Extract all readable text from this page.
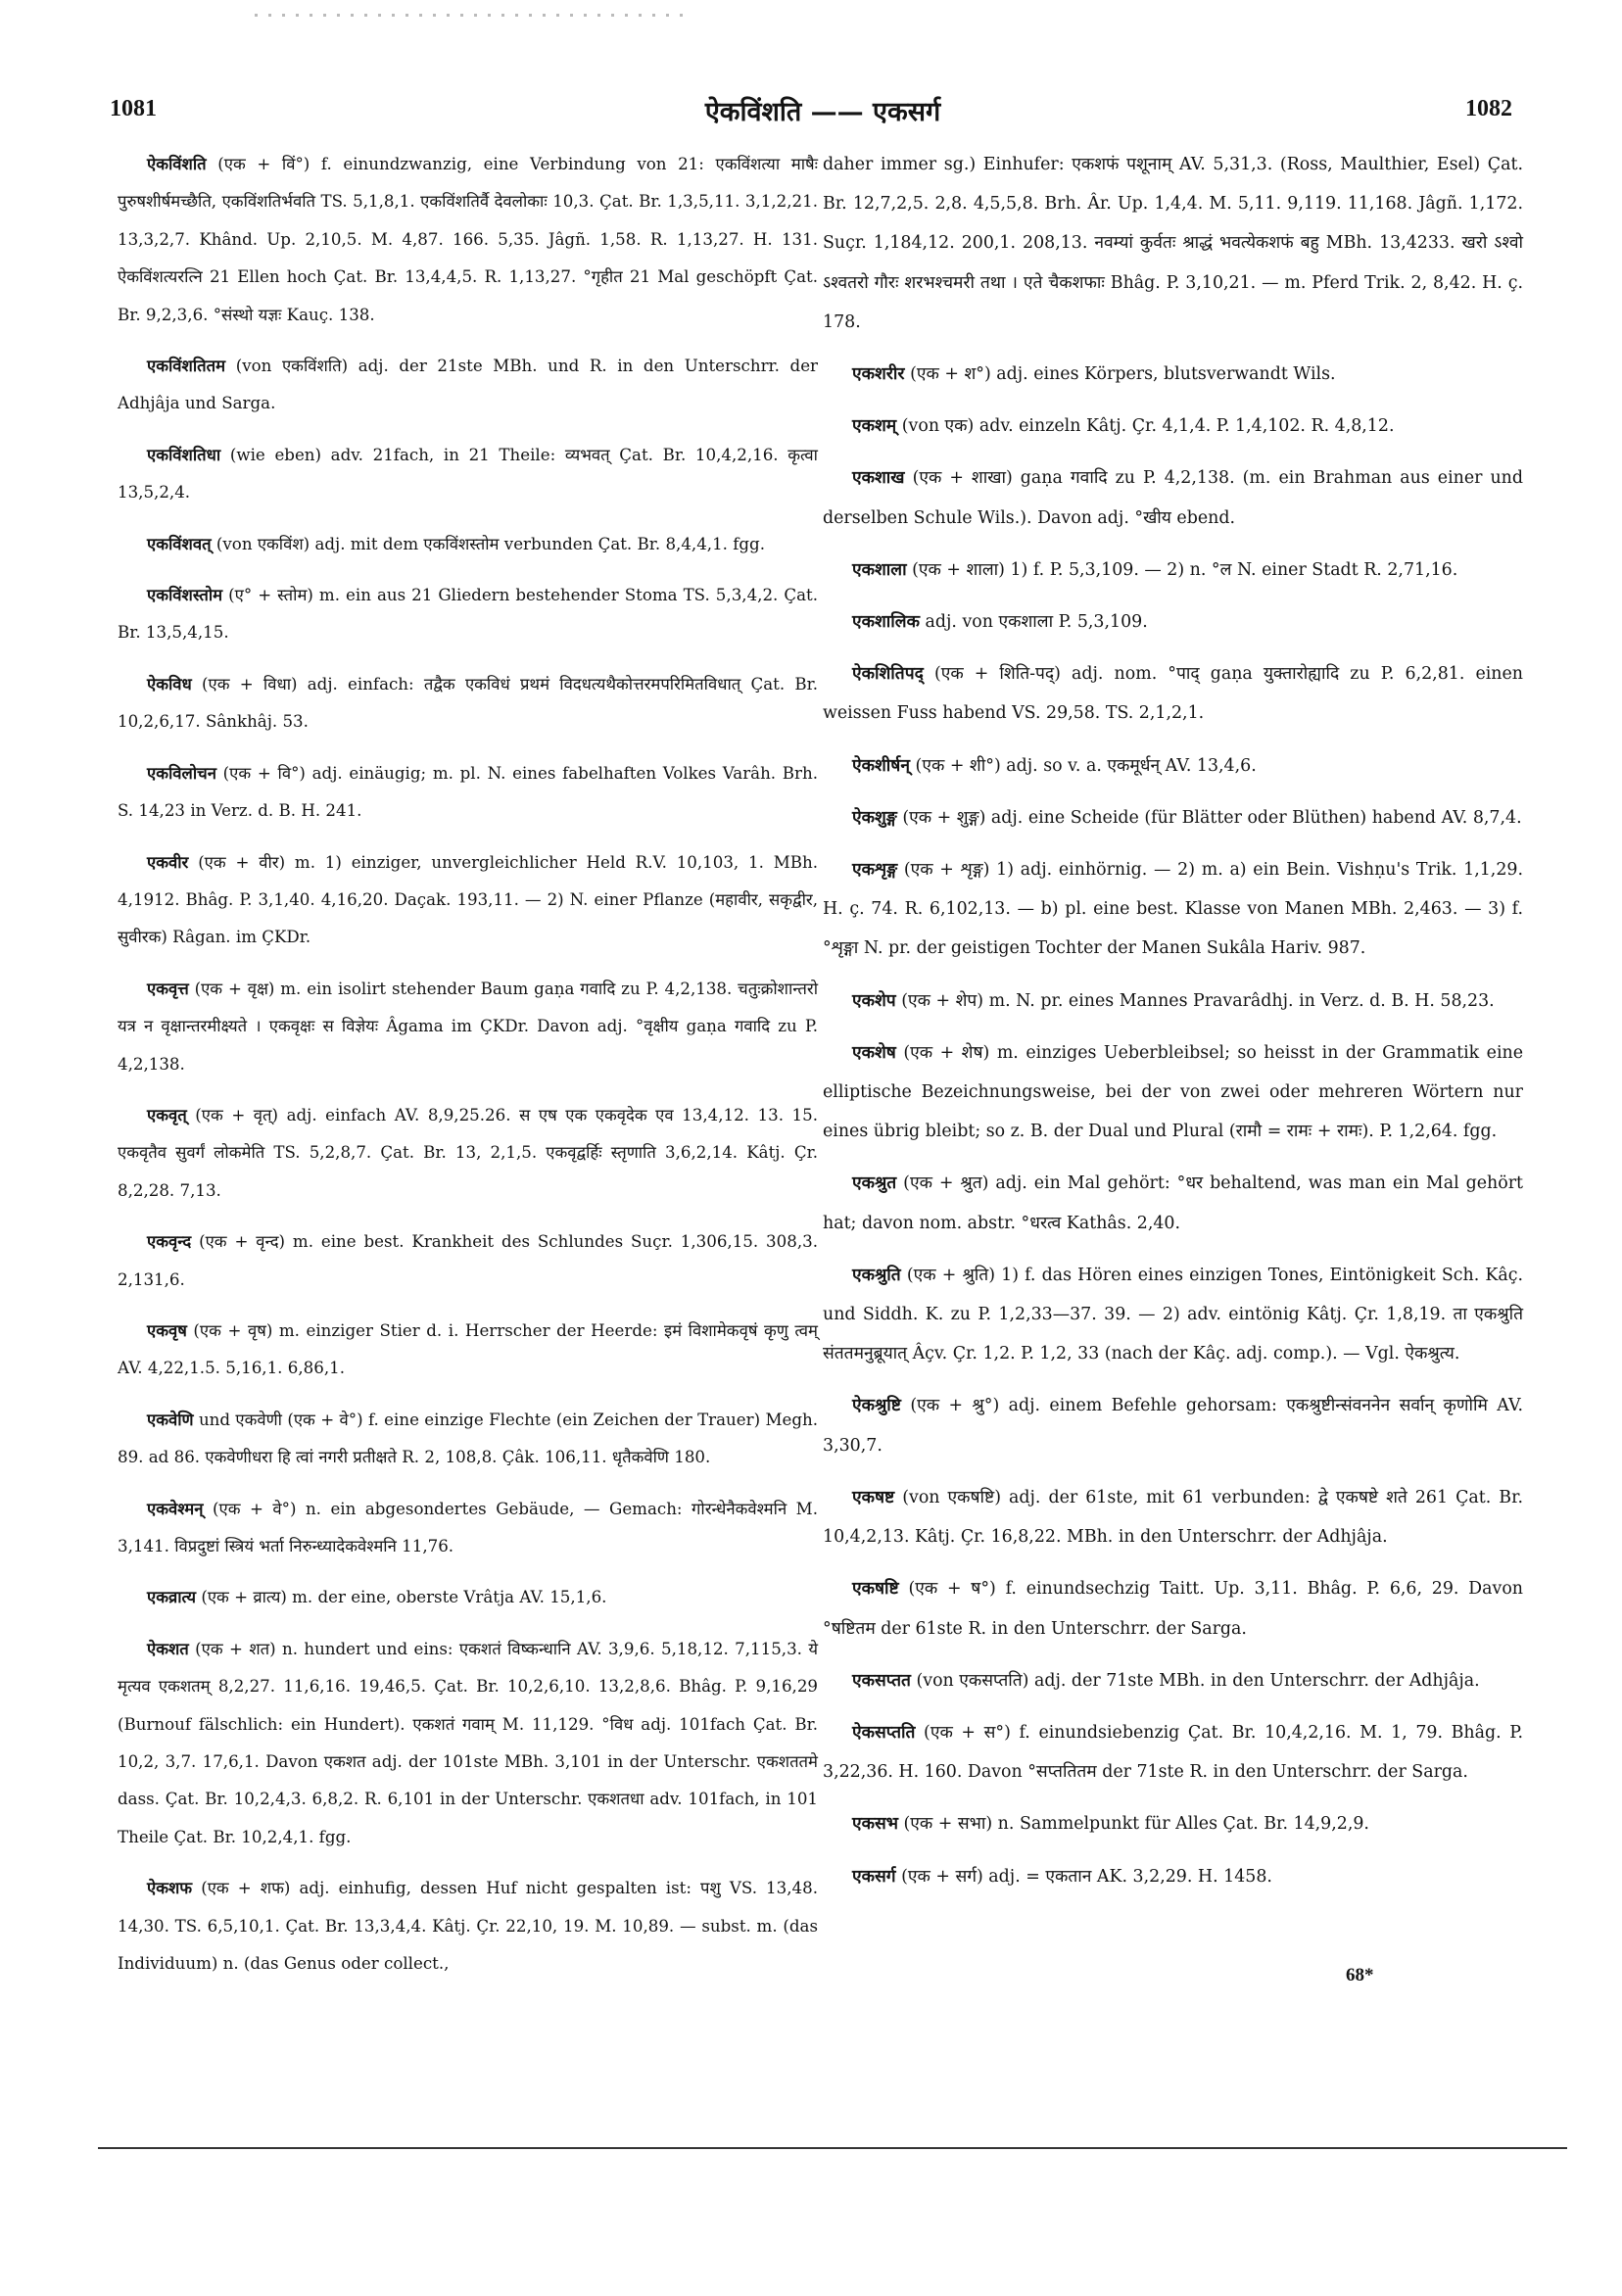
1081	ऐकविंशति —— एकसर्ग	1082

ऐकविंशति (एक + विं°) f. einundzwanzig, eine Verbindung von 21: एकविंशत्या माषैः पुरुषशीर्षमच्छैति, एकविंशतिर्भवति TS. 5,1,8,1. एकविंशतिर्वै देवलोकाः 10,3. Çat. Br. 1,3,5,11. 3,1,2,21. 13,3,2,7. Khând. Up. 2,10,5. M. 4,87. 166. 5,35. Jâgñ. 1,58. R. 1,13,27. H. 131. ऐकविंशत्यरत्नि 21 Ellen hoch Çat. Br. 13,4,4,5. R. 1,13,27. °गृहीत 21 Mal geschöpft Çat. Br. 9,2,3,6. °संस्थो यज्ञः Kauç. 138.

एकविंशतितम (von एकविंशति) adj. der 21ste MBh. und R. in den Unterschrr. der Adhjâja und Sarga.

एकविंशतिधा (wie eben) adv. 21fach, in 21 Theile: व्यभवत् Çat. Br. 10,4,2,16. कृत्वा 13,5,2,4.

एकविंशवत् (von एकविंश) adj. mit dem एकविंशस्तोम verbunden Çat. Br. 8,4,4,1. fgg.

एकविंशस्तोम (ए° + स्तोम) m. ein aus 21 Gliedern bestehender Stoma TS. 5,3,4,2. Çat. Br. 13,5,4,15.

ऐकविध (एक + विधा) adj. einfach: तद्वैक एकविधं प्रथमं विदधत्यथैकोत्तरमपरिमितविधात् Çat. Br. 10,2,6,17. Sânkhâj. 53.

एकविलोचन (एक + वि°) adj. einäugig; m. pl. N. eines fabelhaften Volkes Varâh. Brh. S. 14,23 in Verz. d. B. H. 241.

एकवीर (एक + वीर) m. 1) einziger, unvergleichlicher Held R.V. 10,103, 1. MBh. 4,1912. Bhâg. P. 3,1,40. 4,16,20. Daçak. 193,11. — 2) N. einer Pflanze (महावीर, सकृद्वीर, सुवीरक) Râgan. im ÇKDr.

एकवृत्त (एक + वृक्ष) m. ein isolirt stehender Baum gaṇa गवादि zu P. 4,2,138. चतुःक्रोशान्तरो यत्र न वृक्षान्तरमीक्ष्यते । एकवृक्षः स विज्ञेयः Âgama im ÇKDr. Davon adj. °वृक्षीय gaṇa गवादि zu P. 4,2,138.

एकवृत् (एक + वृत्) adj. einfach AV. 8,9,25.26. स एष एक एकवृदेक एव 13,4,12. 13. 15. एकवृतैव सुवर्गं लोकमेति TS. 5,2,8,7. Çat. Br. 13, 2,1,5. एकवृद्वर्हिः स्तृणाति 3,6,2,14. Kâtj. Çr. 8,2,28. 7,13.

एकवृन्द (एक + वृन्द) m. eine best. Krankheit des Schlundes Suçr. 1,306,15. 308,3. 2,131,6.

एकवृष (एक + वृष) m. einziger Stier d. i. Herrscher der Heerde: इमं विशामेकवृषं कृणु त्वम् AV. 4,22,1.5. 5,16,1. 6,86,1.

एकवेणि und एकवेणी (एक + वे°) f. eine einzige Flechte (ein Zeichen der Trauer) Megh. 89. ad 86. एकवेणीधरा हि त्वां नगरी प्रतीक्षते R. 2, 108,8. Çâk. 106,11. धृतैकवेणि 180.

एकवेश्मन् (एक + वे°) n. ein abgesondertes Gebäude, — Gemach: गोरन्धेनैकवेश्मनि M. 3,141. विप्रदुष्टां स्त्रियं भर्ता निरुन्ध्यादेकवेश्मनि 11,76.

एकव्रात्य (एक + व्रात्य) m. der eine, oberste Vrâtja AV. 15,1,6.

ऐकशत (एक + शत) n. hundert und eins: एकशतं विष्कन्धानि AV. 3,9,6. 5,18,12. 7,115,3. ये मृत्यव एकशतम् 8,2,27. 11,6,16. 19,46,5. Çat. Br. 10,2,6,10. 13,2,8,6. Bhâg. P. 9,16,29 (Burnouf fälschlich: ein Hundert). एकशतं गवाम् M. 11,129. °विध adj. 101fach Çat. Br. 10,2, 3,7. 17,6,1. Davon एकशत adj. der 101ste MBh. 3,101 in der Unterschr. एकशततमे dass. Çat. Br. 10,2,4,3. 6,8,2. R. 6,101 in der Unterschr. एकशतधा adv. 101fach, in 101 Theile Çat. Br. 10,2,4,1. fgg.

ऐकशफ (एक + शफ) adj. einhufig, dessen Huf nicht gespalten ist: पशु VS. 13,48. 14,30. TS. 6,5,10,1. Çat. Br. 13,3,4,4. Kâtj. Çr. 22,10, 19. M. 10,89. — subst. m. (das Individuum) n. (das Genus oder collect.,

daher immer sg.) Einhufer: एकशफं पशूनाम् AV. 5,31,3. (Ross, Maulthier, Esel) Çat. Br. 12,7,2,5. 2,8. 4,5,5,8. Brh. Âr. Up. 1,4,4. M. 5,11. 9,119. 11,168. Jâgñ. 1,172. Suçr. 1,184,12. 200,1. 208,13. नवम्यां कुर्वतः श्राद्धं भवत्येकशफं बहु MBh. 13,4233. खरो ऽश्वो ऽश्वतरो गौरः शरभश्चमरी तथा । एते चैकशफाः Bhâg. P. 3,10,21. — m. Pferd Trik. 2, 8,42. H. ç. 178.

एकशरीर (एक + श°) adj. eines Körpers, blutsverwandt Wils.

एकशम् (von एक) adv. einzeln Kâtj. Çr. 4,1,4. P. 1,4,102. R. 4,8,12.

एकशाख (एक + शाखा) gaṇa गवादि zu P. 4,2,138. (m. ein Brahman aus einer und derselben Schule Wils.). Davon adj. °खीय ebend.

एकशाला (एक + शाला) 1) f. P. 5,3,109. — 2) n. °ल N. einer Stadt R. 2,71,16.

एकशालिक adj. von एकशाला P. 5,3,109.

ऐकशितिपद् (एक + शिति-पद्) adj. nom. °पाद् gaṇa युक्तारोह्यादि zu P. 6,2,81. einen weissen Fuss habend VS. 29,58. TS. 2,1,2,1.

ऐकशीर्षन् (एक + शी°) adj. so v. a. एकमूर्धन् AV. 13,4,6.

ऐकशुङ्ग (एक + शुङ्ग) adj. eine Scheide (für Blätter oder Blüthen) habend AV. 8,7,4.

एकशृङ्ग (एक + शृङ्ग) 1) adj. einhörnig. — 2) m. a) ein Bein. Vishṇu's Trik. 1,1,29. H. ç. 74. R. 6,102,13. — b) pl. eine best. Klasse von Manen MBh. 2,463. — 3) f. °शृङ्गा N. pr. der geistigen Tochter der Manen Sukâla Hariv. 987.

एकशेप (एक + शेप) m. N. pr. eines Mannes Pravarâdhj. in Verz. d. B. H. 58,23.

एकशेष (एक + शेष) m. einziges Ueberbleibsel; so heisst in der Grammatik eine elliptische Bezeichnungsweise, bei der von zwei oder mehreren Wörtern nur eines übrig bleibt; so z. B. der Dual und Plural (रामौ = रामः + रामः). P. 1,2,64. fgg.

एकश्रुत (एक + श्रुत) adj. ein Mal gehört: °धर behaltend, was man ein Mal gehört hat; davon nom. abstr. °धरत्व Kathâs. 2,40.

एकश्रुति (एक + श्रुति) 1) f. das Hören eines einzigen Tones, Eintönigkeit Sch. Kâç. und Siddh. K. zu P. 1,2,33—37. 39. — 2) adv. eintönig Kâtj. Çr. 1,8,19. ता एकश्रुति संततमनुब्रूयात् Âçv. Çr. 1,2. P. 1,2, 33 (nach der Kâç. adj. comp.). — Vgl. ऐकश्रुत्य.

ऐकश्रुष्टि (एक + श्रु°) adj. einem Befehle gehorsam: एकश्रुष्टीन्संवननेन सर्वान् कृणोमि AV. 3,30,7.

एकषष्ट (von एकषष्टि) adj. der 61ste, mit 61 verbunden: द्वे एकषष्टे शते 261 Çat. Br. 10,4,2,13. Kâtj. Çr. 16,8,22. MBh. in den Unterschrr. der Adhjâja.

एकषष्टि (एक + ष°) f. einundsechzig Taitt. Up. 3,11. Bhâg. P. 6,6, 29. Davon °षष्टितम der 61ste R. in den Unterschrr. der Sarga.

एकसप्तत (von एकसप्तति) adj. der 71ste MBh. in den Unterschrr. der Adhjâja.

ऐकसप्तति (एक + स°) f. einundsiebenzig Çat. Br. 10,4,2,16. M. 1, 79. Bhâg. P. 3,22,36. H. 160. Davon °सप्ततितम der 71ste R. in den Unterschrr. der Sarga.

एकसभ (एक + सभा) n. Sammelpunkt für Alles Çat. Br. 14,9,2,9.

एकसर्ग (एक + सर्ग) adj. = एकतान AK. 3,2,29. H. 1458.

68*
